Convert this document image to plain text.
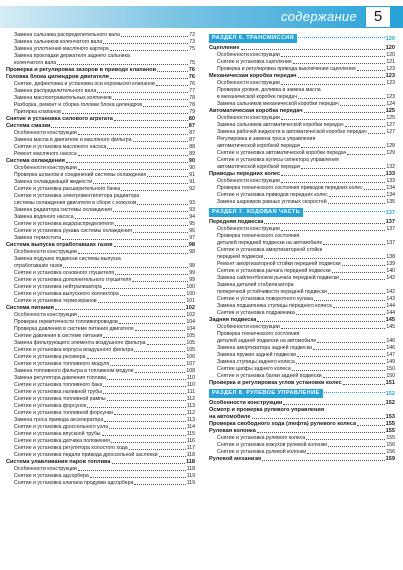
содержание	5
Замена сальника распределительного вала	72
Замена сальников коленчатого вала	73
Замена уплотнения масляного картера	75
Замена прокладки держателя заднего сальника
коленчатого вала	75
Проверка и регулировка зазоров в приводе клапанов	76
Головка блока цилиндров двигателя	76
Снятие, дефектовка и установка оси коромысел клапанов	76
Замена распределительного вала	77
Замена маслоотражательных колпачков	78
Разборка, ремонт и сборка головки блока цилиндров	78
Притирка клапанов	79
Снятие и установка силового агрегата	80
Система смазки	87
Особенности конструкции	87
Замена масла в двигателе и масляного фильтра	87
Снятие и установка масляного насоса	88
Ремонт масляного насоса	89
Система охлаждения	90
Особенности конструкции	90
Проверка шлангов и соединений системы охлаждения	91
Замена охлаждающей жидкости	91
Снятие и установка расширительного бачка	92
Снятие и установка электровентилятора радиатора
системы охлаждения двигателя в сборе с кожухом	93
Замена радиатора системы охлаждения	93
Замена водяного насоса	94
Снятие и установка водораспределителя	95
Снятие и установка рукава системы охлаждения	96
Замена термостата	97
Система выпуска отработавших газов	98
Особенности конструкции	98
Замена подушек подвески системы выпуска
отработавших газов	98
Снятие и установка основного глушителя	99
Снятие и установка дополнительного глушителя	99
Снятие и установка нейтрализатора	100
Снятие и установка выпускного коллектора	100
Снятие и установка термоэкранов	101
Система питания	102
Особенности конструкции	102
Проверка герметичности топливопроводов	104
Проверка давления в системе питания двигателя	104
Снятие давления в системе питания	105
Замена фильтрующего элемента воздушного фильтра	105
Снятие и установка корпуса воздушного фильтра	105
Снятие и установка ресивера	106
Снятие и установка топливного модуля	107
Замена топливного фильтра в топливном модуле	108
Замена регулятора давления топлива	110
Снятие и установка топливного бака	110
Снятие и установка наливной трубы	111
Снятие и установка топливной рампы	112
Снятие и установка форсунок	113
Снятие и установка топливной форсунки	112
Замена троса привода акселератора	113
Снятие и установка дроссельного узла	114
Снятие и установка впускной трубы	115
Снятие и установка датчика положения	116
Снятие и установка регулятора холостого хода	117
Снятие и установка педали привода дроссельной заслонки	118
Система улавливания паров топлива	118
Особенности конструкции	118
Снятие и установка адсорбера	119
Снятие и установка клапана продувки адсорбера	119
РАЗДЕЛ 6. ТРАНСМИССИЯ	120
Сцепление	120
Особенности конструкции	120
Снятие и установка сцепления	121
Проверка и регулировка привода выключения сцепления	123
Механическая коробка передач	123
Особенности конструкции	123
Проверка уровня, доливка и замена масла
в механической коробке передач	123
Замена сальников механической коробки передач	124
Автоматическая коробка передач	125
Особенности конструкции	125
Замена сальников автоматической коробки передач	127
Замена рабочей жидкости в автоматической коробке передач	127
Регулировка и замена троса управления
автоматической коробкой передач	128
Снятие и установка автоматической коробки передач	129
Снятие и установка кулисы селектора управления
автоматической коробкой передач	132
Приводы передних колес	133
Особенности конструкции	133
Проверка технического состояния приводов передних колес	134
Снятие и установка приводов передних колес	134
Замена шарниров равных угловых скоростей	135
РАЗДЕЛ 7. ХОДОВАЯ ЧАСТЬ	137
Передняя подвеска	137
Особенности конструкции	137
Проверка технического состояния
деталей передней подвески на автомобиле	137
Снятие и установка амортизаторной стойки
передней подвески	138
Ремонт амортизаторной стойки передней подвески	139
Снятие и установка рычага передней подвески	140
Замена сайлентблоков рычага передней подвески	142
Замена деталей стабилизатора
поперечной устойчивости передней подвески	142
Снятие и установка поворотного кулака	143
Замена подшипника ступицы переднего колеса	144
Снятие и установка подрамника	144
Задняя подвеска	145
Особенности конструкции	145
Проверка технического состояния
деталей задней подвески на автомобиле	146
Замена амортизатора задней подвески	146
Замена пружин задней подвески	147
Замена ступицы заднего колеса	149
Снятие цапфы заднего колеса	150
Снятие и установка балки задней подвески	150
Проверка и регулировка углов установки колес	151
РАЗДЕЛ 8. РУЛЕВОЕ УПРАВЛЕНИЕ	152
Особенности конструкции	152
Осмотр и проверка рулевого управления
на автомобиле	153
Проверка свободного хода (люфта) рулевого колеса	155
Рулевая колонка	155
Снятие и установка рулевого колеса	155
Снятие и установка кожухов рулевой колонки	156
Снятие и установка рулевой колонки	156
Рулевой механизм	159
